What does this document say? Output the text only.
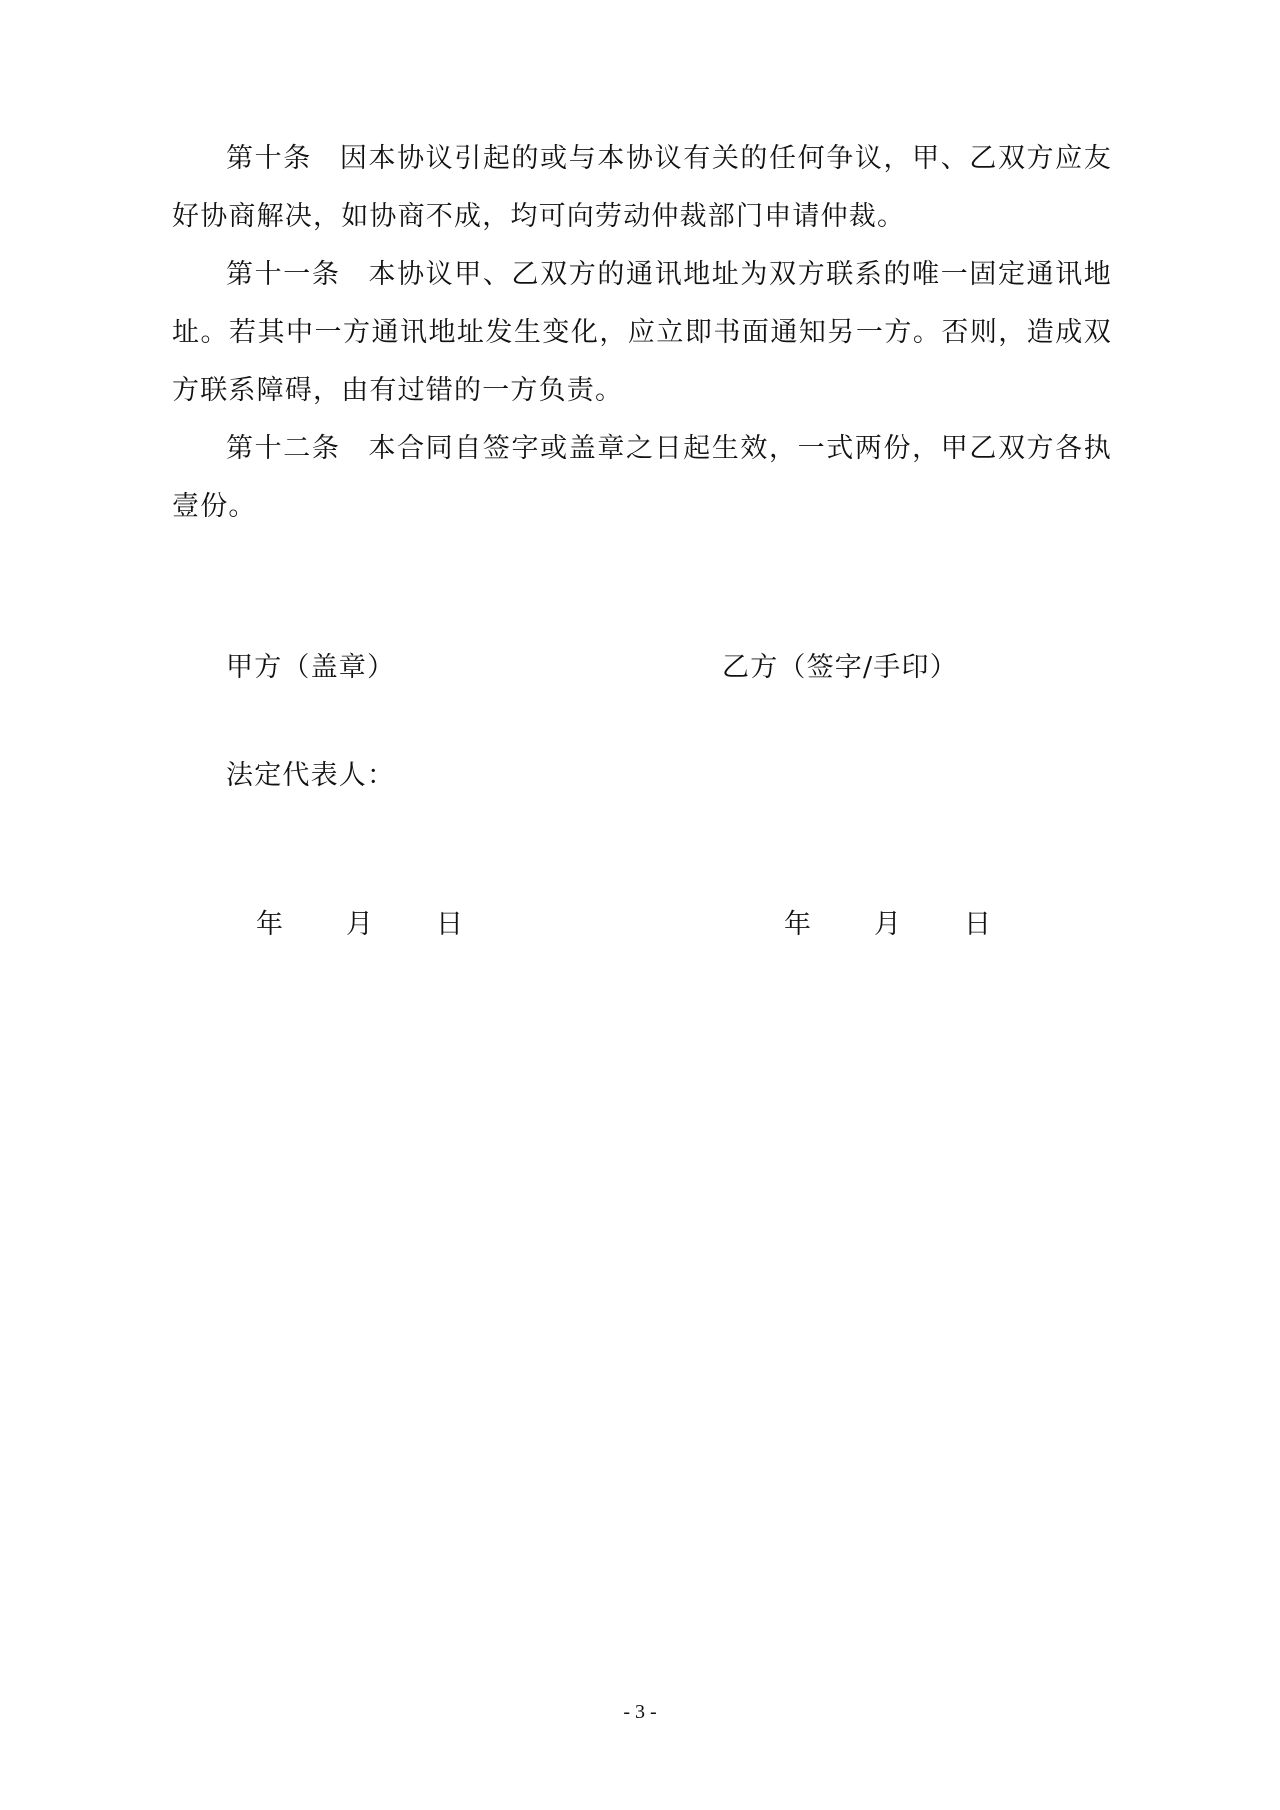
第十条 因本协议引起的或与本协议有关的任何争议，甲、乙双方应友好协商解决，如协商不成，均可向劳动仲裁部门申请仲裁。

第十一条 本协议甲、乙双方的通讯地址为双方联系的唯一固定通讯地址。若其中一方通讯地址发生变化，应立即书面通知另一方。否则，造成双方联系障碍，由有过错的一方负责。

第十二条 本合同自签字或盖章之日起生效，一式两份，甲乙双方各执壹份。

甲方（盖章）	乙方（签字/手印）
法定代表人：
年 月 日	年 月 日
- 3 -
